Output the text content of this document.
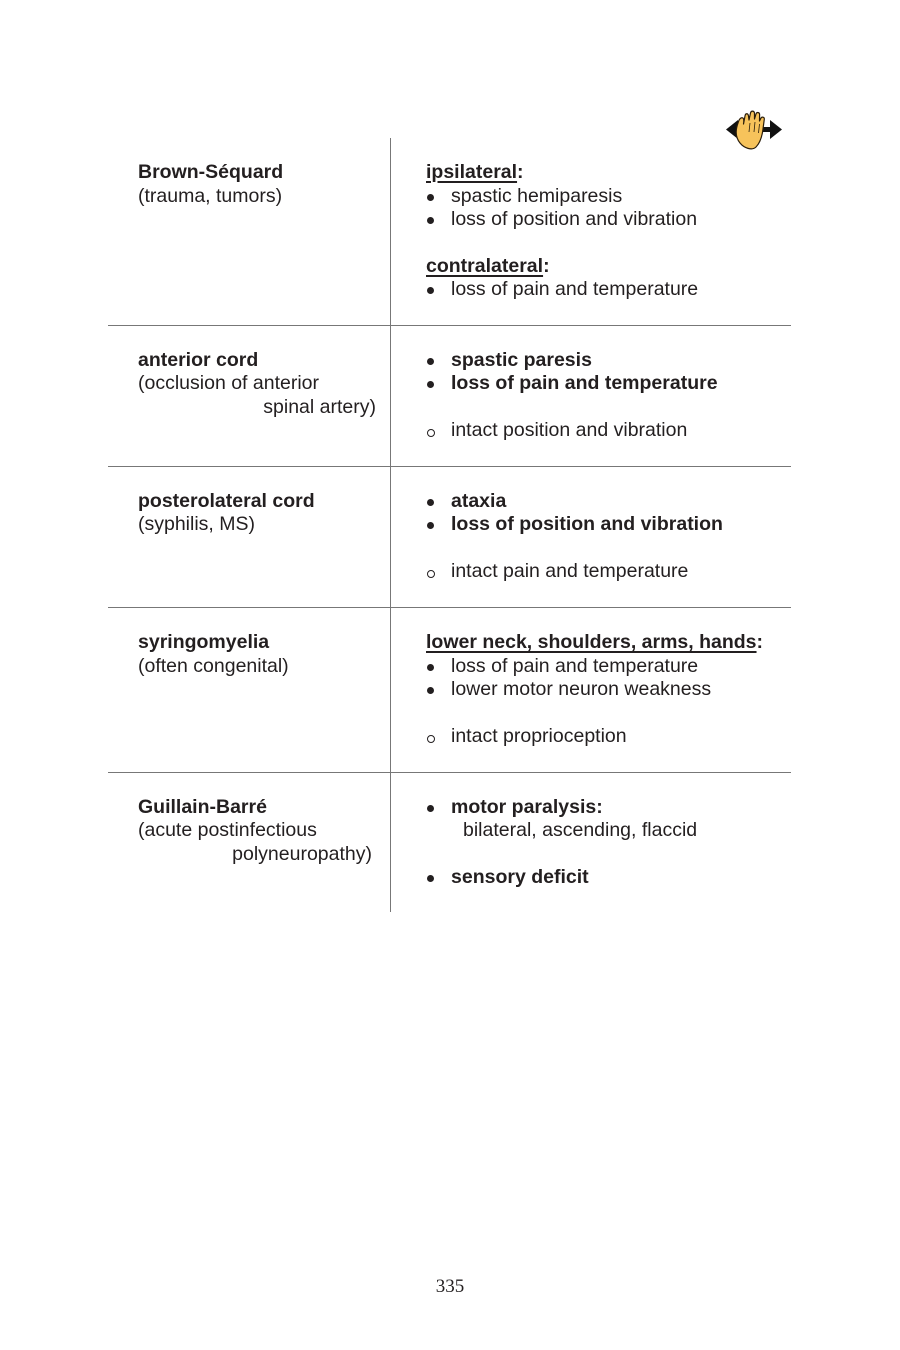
Brown-Séquard
(trauma, tumors)
ipsilateral:
spastic hemiparesis
loss of position and vibration
contralateral:
loss of pain and temperature
anterior cord
(occlusion of anterior
spinal artery)
spastic paresis
loss of pain and temperature
intact position and vibration
posterolateral cord
(syphilis, MS)
ataxia
loss of position and vibration
intact pain and temperature
syringomyelia
(often congenital)
lower neck, shoulders, arms, hands:
loss of pain and temperature
lower motor neuron weakness
intact proprioception
Guillain-Barré
(acute postinfectious
polyneuropathy)
motor paralysis:
bilateral, ascending, flaccid
sensory deficit
335
